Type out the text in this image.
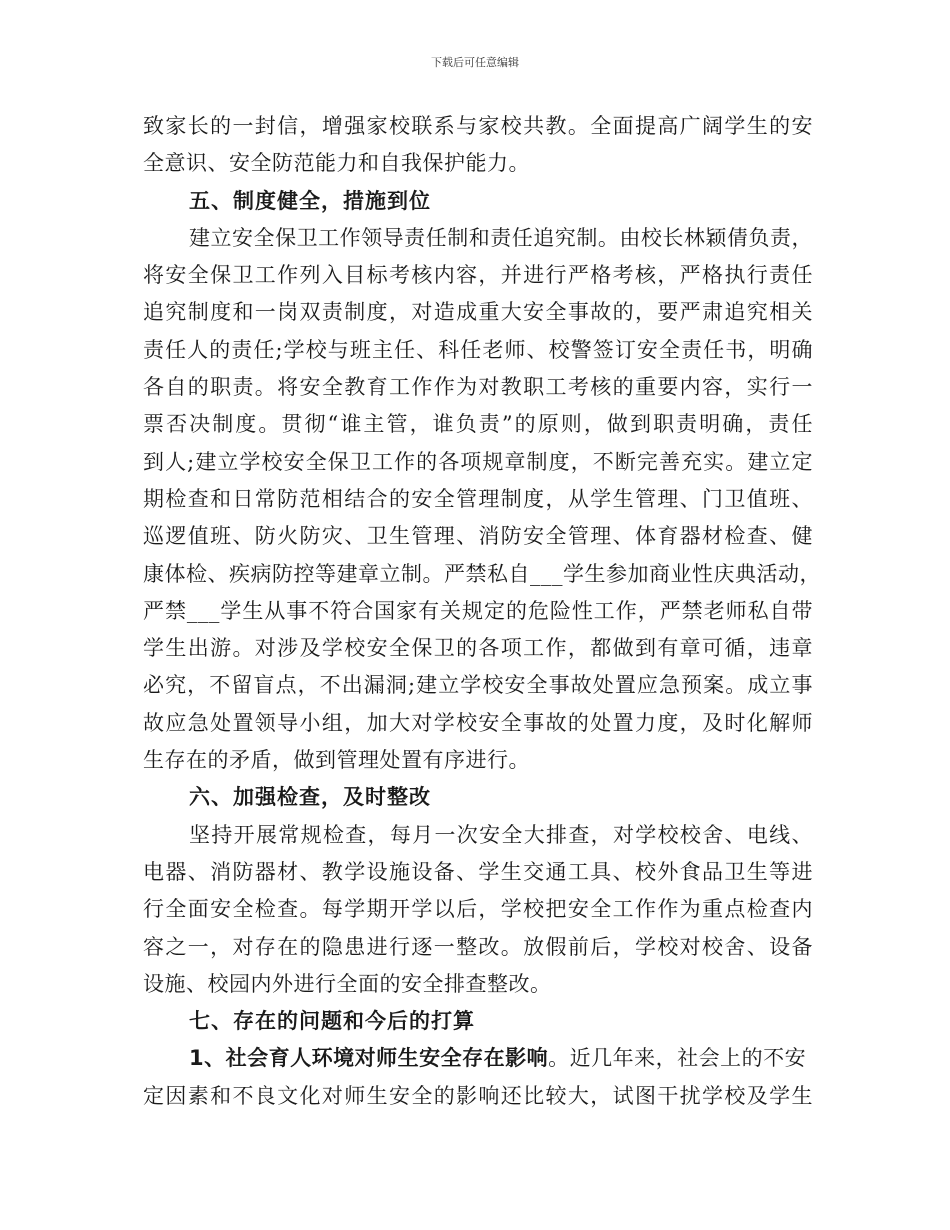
下载后可任意编辑
致家长的一封信，增强家校联系与家校共教。全面提高广阔学生的安
全意识、安全防范能力和自我保护能力。
五、制度健全，措施到位
建立安全保卫工作领导责任制和责任追究制。由校长林颖倩负责，
将安全保卫工作列入目标考核内容，并进行严格考核，严格执行责任
追究制度和一岗双责制度，对造成重大安全事故的，要严肃追究相关
责任人的责任;学校与班主任、科任老师、校警签订安全责任书，明确
各自的职责。将安全教育工作作为对教职工考核的重要内容，实行一
票否决制度。贯彻“谁主管，谁负责”的原则，做到职责明确，责任
到人;建立学校安全保卫工作的各项规章制度，不断完善充实。建立定
期检查和日常防范相结合的安全管理制度，从学生管理、门卫值班、
巡逻值班、防火防灾、卫生管理、消防安全管理、体育器材检查、健
康体检、疾病防控等建章立制。严禁私自___学生参加商业性庆典活动，
严禁___学生从事不符合国家有关规定的危险性工作，严禁老师私自带
学生出游。对涉及学校安全保卫的各项工作，都做到有章可循，违章
必究，不留盲点，不出漏洞;建立学校安全事故处置应急预案。成立事
故应急处置领导小组，加大对学校安全事故的处置力度，及时化解师
生存在的矛盾，做到管理处置有序进行。
六、加强检查，及时整改
坚持开展常规检查，每月一次安全大排查，对学校校舍、电线、
电器、消防器材、教学设施设备、学生交通工具、校外食品卫生等进
行全面安全检查。每学期开学以后，学校把安全工作作为重点检查内
容之一，对存在的隐患进行逐一整改。放假前后，学校对校舍、设备
设施、校园内外进行全面的安全排查整改。
七、存在的问题和今后的打算
1、社会育人环境对师生安全存在影响。近几年来，社会上的不安
定因素和不良文化对师生安全的影响还比较大，试图干扰学校及学生
